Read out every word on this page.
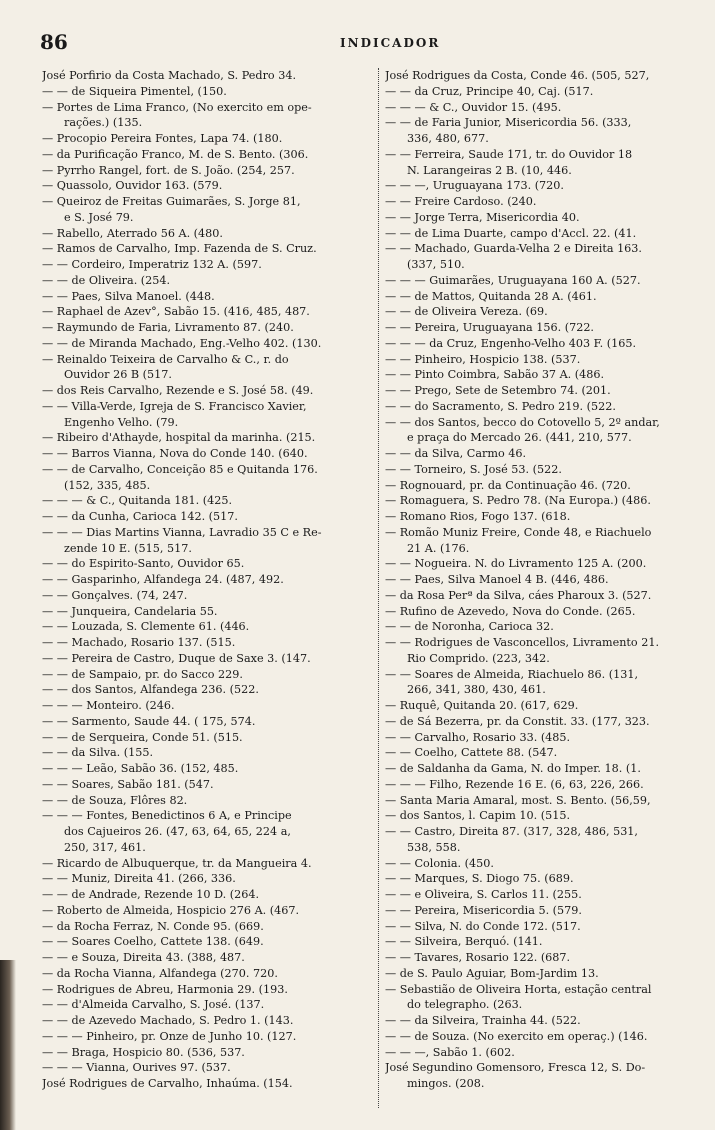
86	INDICADOR
José Porfirio da Costa Machado, S. Pedro 34.
— — de Siqueira Pimentel, (150.
— Portes de Lima Franco, (No exercito em ope-
rações.) (135.
— Procopio Pereira Fontes, Lapa 74. (180.
— da Purificação Franco, M. de S. Bento. (306.
— Pyrrho Rangel, fort. de S. João. (254, 257.
— Quassolo, Ouvidor 163. (579.
— Queiroz de Freitas Guimarães, S. Jorge 81,
e S. José 79.
— Rabello, Aterrado 56 A. (480.
— Ramos de Carvalho, Imp. Fazenda de S. Cruz.
— — Cordeiro, Imperatriz 132 A. (597.
— — de Oliveira. (254.
— — Paes, Silva Manoel. (448.
— Raphael de Azev°, Sabão 15. (416, 485, 487.
— Raymundo de Faria, Livramento 87. (240.
— — de Miranda Machado, Eng.-Velho 402. (130.
— Reinaldo Teixeira de Carvalho & C., r. do
Ouvidor 26 B (517.
— dos Reis Carvalho, Rezende e S. José 58. (49.
— — Villa-Verde, Igreja de S. Francisco Xavier,
Engenho Velho. (79.
— Ribeiro d'Athayde, hospital da marinha. (215.
— — Barros Vianna, Nova do Conde 140. (640.
— — de Carvalho, Conceição 85 e Quitanda 176.
(152, 335, 485.
— — — & C., Quitanda 181. (425.
— — da Cunha, Carioca 142. (517.
— — — Dias Martins Vianna, Lavradio 35 C e Re-
zende 10 E. (515, 517.
— — do Espirito-Santo, Ouvidor 65.
— — Gasparinho, Alfandega 24. (487, 492.
— — Gonçalves. (74, 247.
— — Junqueira, Candelaria 55.
— — Louzada, S. Clemente 61. (446.
— — Machado, Rosario 137. (515.
— — Pereira de Castro, Duque de Saxe 3. (147.
— — de Sampaio, pr. do Sacco 229.
— — dos Santos, Alfandega 236. (522.
— — — Monteiro. (246.
— — Sarmento, Saude 44. ( 175, 574.
— — de Serqueira, Conde 51. (515.
— — da Silva. (155.
— — — Leão, Sabão 36. (152, 485.
— — Soares, Sabão 181. (547.
— — de Souza, Flôres 82.
— — — Fontes, Benedictinos 6 A, e Principe
dos Cajueiros 26. (47, 63, 64, 65, 224 a,
250, 317, 461.
— Ricardo de Albuquerque, tr. da Mangueira 4.
— — Muniz, Direita 41. (266, 336.
— — de Andrade, Rezende 10 D. (264.
— Roberto de Almeida, Hospicio 276 A. (467.
— da Rocha Ferraz, N. Conde 95. (669.
— — Soares Coelho, Cattete 138. (649.
— — e Souza, Direita 43. (388, 487.
— da Rocha Vianna, Alfandega (270. 720.
— Rodrigues de Abreu, Harmonia 29. (193.
— — d'Almeida Carvalho, S. José. (137.
— — de Azevedo Machado, S. Pedro 1. (143.
— — — Pinheiro, pr. Onze de Junho 10. (127.
— — Braga, Hospicio 80. (536, 537.
— — — Vianna, Ourives 97. (537.
José Rodrigues de Carvalho, Inhaúma. (154.
José Rodrigues da Costa, Conde 46. (505, 527,
— — da Cruz, Principe 40, Caj. (517.
— — — & C., Ouvidor 15. (495.
— — de Faria Junior, Misericordia 56. (333,
336, 480, 677.
— — Ferreira, Saude 171, tr. do Ouvidor 18
N. Larangeiras 2 B. (10, 446.
— — —, Uruguayana 173. (720.
— — Freire Cardoso. (240.
— — Jorge Terra, Misericordia 40.
— — de Lima Duarte, campo d'Accl. 22. (41.
— — Machado, Guarda-Velha 2 e Direita 163.
(337, 510.
— — — Guimarães, Uruguayana 160 A. (527.
— — de Mattos, Quitanda 28 A. (461.
— — de Oliveira Vereza. (69.
— — Pereira, Uruguayana 156. (722.
— — — da Cruz, Engenho-Velho 403 F. (165.
— — Pinheiro, Hospicio 138. (537.
— — Pinto Coimbra, Sabão 37 A. (486.
— — Prego, Sete de Setembro 74. (201.
— — do Sacramento, S. Pedro 219. (522.
— — dos Santos, becco do Cotovello 5, 2º andar,
e praça do Mercado 26. (441, 210, 577.
— — da Silva, Carmo 46.
— — Torneiro, S. José 53. (522.
— Rognouard, pr. da Continuação 46. (720.
— Romaguera, S. Pedro 78. (Na Europa.) (486.
— Romano Rios, Fogo 137. (618.
— Romão Muniz Freire, Conde 48, e Riachuelo
21 A. (176.
— — Nogueira. N. do Livramento 125 A. (200.
— — Paes, Silva Manoel 4 B. (446, 486.
— da Rosa Perª da Silva, cáes Pharoux 3. (527.
— Rufino de Azevedo, Nova do Conde. (265.
— — de Noronha, Carioca 32.
— — Rodrigues de Vasconcellos, Livramento 21.
Rio Comprido. (223, 342.
— — Soares de Almeida, Riachuelo 86. (131,
266, 341, 380, 430, 461.
— Ruquê, Quitanda 20. (617, 629.
— de Sá Bezerra, pr. da Constit. 33. (177, 323.
— — Carvalho, Rosario 33. (485.
— — Coelho, Cattete 88. (547.
— de Saldanha da Gama, N. do Imper. 18. (1.
— — — Filho, Rezende 16 E. (6, 63, 226, 266.
— Santa Maria Amaral, most. S. Bento. (56,59,
— dos Santos, l. Capim 10. (515.
— — Castro, Direita 87. (317, 328, 486, 531,
538, 558.
— — Colonia. (450.
— — Marques, S. Diogo 75. (689.
— — e Oliveira, S. Carlos 11. (255.
— — Pereira, Misericordia 5. (579.
— — Silva, N. do Conde 172. (517.
— — Silveira, Berquó. (141.
— — Tavares, Rosario 122. (687.
— de S. Paulo Aguiar, Bom-Jardim 13.
— Sebastião de Oliveira Horta, estação central
do telegrapho. (263.
— — da Silveira, Trainha 44. (522.
— — de Souza. (No exercito em operaç.) (146.
— — —, Sabão 1. (602.
José Segundino Gomensoro, Fresca 12, S. Do-
mingos. (208.
